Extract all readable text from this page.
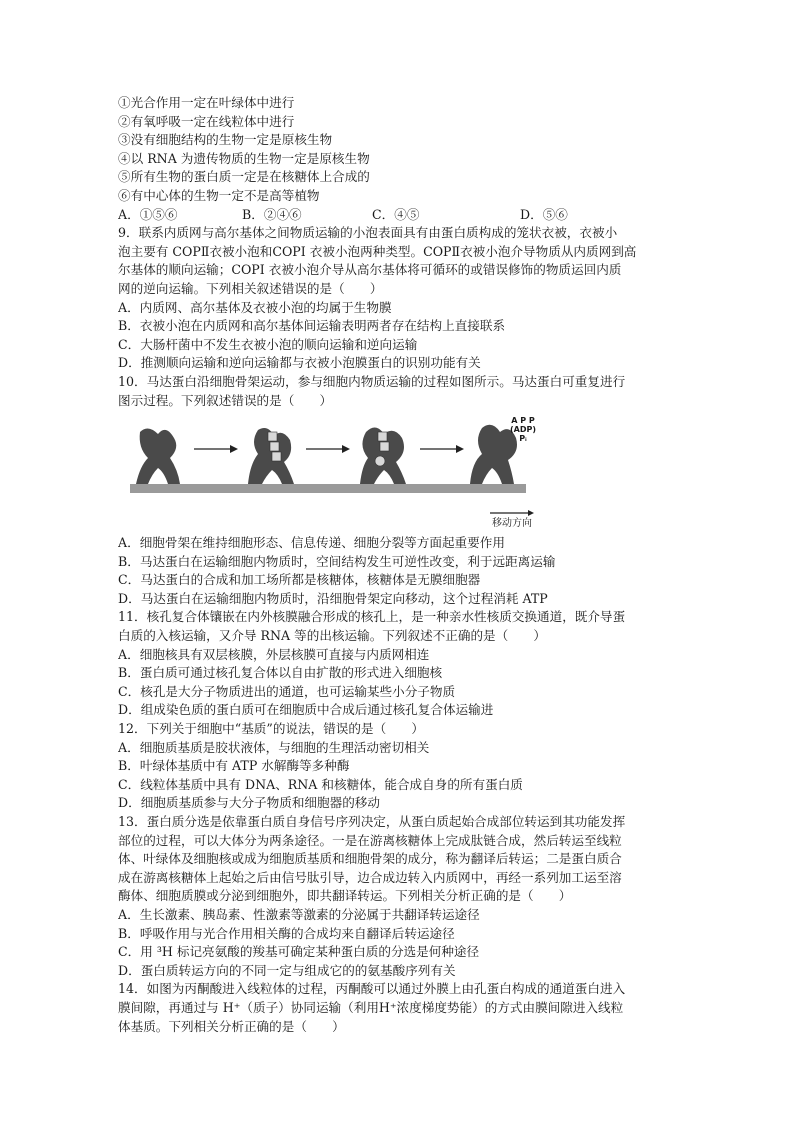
①光合作用一定在叶绿体中进行
②有氧呼吸一定在线粒体中进行
③没有细胞结构的生物一定是原核生物
④以 RNA 为遗传物质的生物一定是原核生物
⑤所有生物的蛋白质一定是在核糖体上合成的
⑥有中心体的生物一定不是高等植物
A．①⑤⑥	B．②④⑥	C．④⑤	D．⑤⑥
9．联系内质网与高尔基体之间物质运输的小泡表面具有由蛋白质构成的笼状衣被，衣被小
泡主要有 COPⅡ衣被小泡和COPI 衣被小泡两种类型。COPⅡ衣被小泡介导物质从内质网到高
尔基体的顺向运输；COPI 衣被小泡介导从高尔基体将可循环的或错误修饰的物质运回内质
网的逆向运输。下列相关叙述错误的是（　　）
A．内质网、高尔基体及衣被小泡的均属于生物膜
B．衣被小泡在内质网和高尔基体间运输表明两者存在结构上直接联系
C．大肠杆菌中不发生衣被小泡的顺向运输和逆向运输
D．推测顺向运输和逆向运输都与衣被小泡膜蛋白的识别功能有关
10．马达蛋白沿细胞骨架运动，参与细胞内物质运输的过程如图所示。马达蛋白可重复进行
图示过程。下列叙述错误的是（　　）
A P P
(ADP)
Pᵢ
移动方向
A．细胞骨架在维持细胞形态、信息传递、细胞分裂等方面起重要作用
B．马达蛋白在运输细胞内物质时，空间结构发生可逆性改变，利于远距离运输
C．马达蛋白的合成和加工场所都是核糖体，核糖体是无膜细胞器
D．马达蛋白在运输细胞内物质时，沿细胞骨架定向移动，这个过程消耗 ATP
11．核孔复合体镶嵌在内外核膜融合形成的核孔上，是一种亲水性核质交换通道，既介导蛋
白质的入核运输，又介导 RNA 等的出核运输。下列叙述不正确的是（　　）
A．细胞核具有双层核膜，外层核膜可直接与内质网相连
B．蛋白质可通过核孔复合体以自由扩散的形式进入细胞核
C．核孔是大分子物质进出的通道，也可运输某些小分子物质
D．组成染色质的蛋白质可在细胞质中合成后通过核孔复合体运输进
12．下列关于细胞中“基质”的说法，错误的是（　　）
A．细胞质基质是胶状液体，与细胞的生理活动密切相关
B．叶绿体基质中有 ATP 水解酶等多种酶
C．线粒体基质中具有 DNA、RNA 和核糖体，能合成自身的所有蛋白质
D．细胞质基质参与大分子物质和细胞器的移动
13．蛋白质分选是依靠蛋白质自身信号序列决定，从蛋白质起始合成部位转运到其功能发挥
部位的过程，可以大体分为两条途径。一是在游离核糖体上完成肽链合成，然后转运至线粒
体、叶绿体及细胞核或成为细胞质基质和细胞骨架的成分，称为翻译后转运；二是蛋白质合
成在游离核糖体上起始之后由信号肽引导，边合成边转入内质网中，再经一系列加工运至溶
酶体、细胞质膜或分泌到细胞外，即共翻译转运。下列相关分析正确的是（　　）
A．生长激素、胰岛素、性激素等激素的分泌属于共翻译转运途径
B．呼吸作用与光合作用相关酶的合成均来自翻译后转运途径
C．用 ³H 标记亮氨酸的羧基可确定某种蛋白质的分选是何种途径
D．蛋白质转运方向的不同一定与组成它的的氨基酸序列有关
14．如图为丙酮酸进入线粒体的过程，丙酮酸可以通过外膜上由孔蛋白构成的通道蛋白进入
膜间隙，再通过与 H⁺（质子）协同运输（利用H⁺浓度梯度势能）的方式由膜间隙进入线粒
体基质。下列相关分析正确的是（　　）
